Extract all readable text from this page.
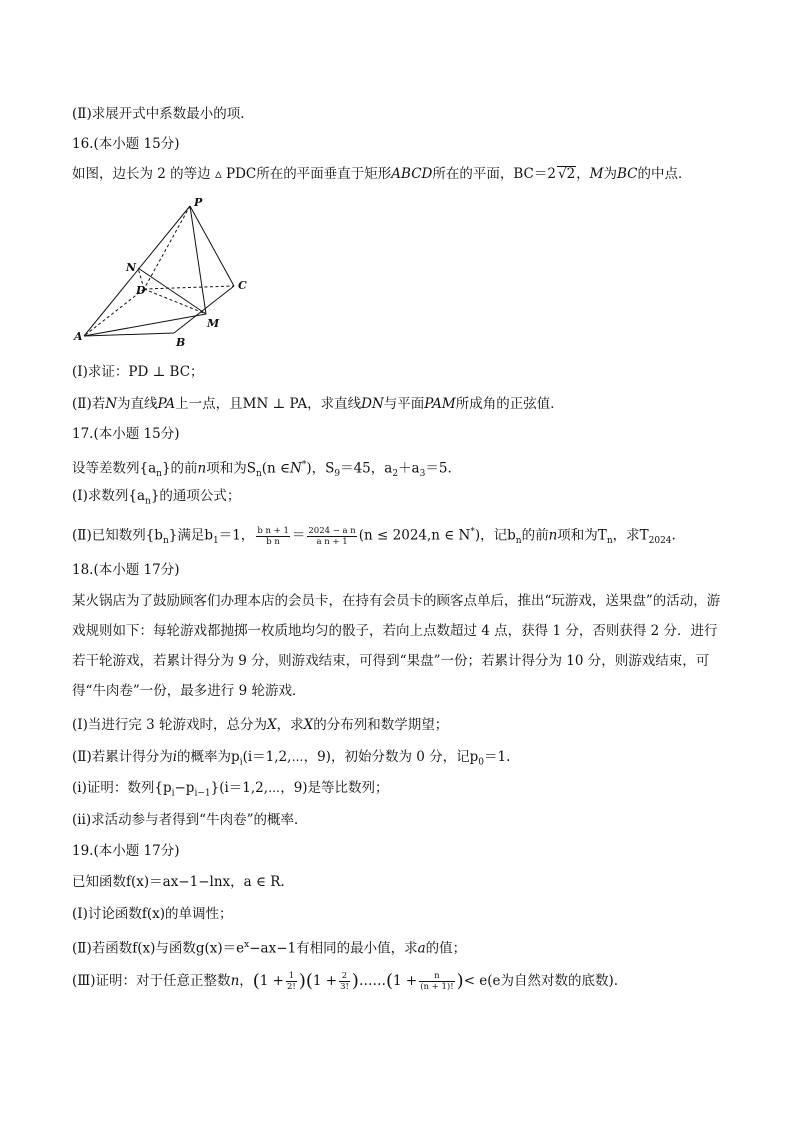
(Ⅱ)求展开式中系数最小的项．
16.(本小题 15分)
如图，边长为 2 的等边 ▵ PDC所在的平面垂直于矩形ABCD所在的平面，BC＝2 √2，M为BC的中点．
P
N
D	C
A
M
B
(Ⅰ)求证：PD ⊥ BC；
(Ⅱ)若N为直线PA上一点，且MN ⊥ PA，求直线DN与平面PAM所成角的正弦值．
17.(本小题 15分)
设等差数列$\{a_n\}$的前n项和为$S_n(n$ ∈N*)，$S_9=45$，$a_2+a_3=5$.
(Ⅰ)求数列$\{a_n\}$的通项公式；
(Ⅱ)已知数列$\{b_n\}$满足$b_1=1$， $\frac{\text{b n + 1}}{\text{b n}} = \frac{\text{2024 − a n}}{\text{a n + 1}} (n \le 2024,n$ ∈ N*)，记$b_n$的前n项和为$T_n$，求$T_{2024}$.
18.(本小题 17分)
某火锅店为了鼓励顾客们办理本店的会员卡，在持有会员卡的顾客点单后，推出“玩游戏，送果盘”的活动，游戏规则如下：每轮游戏都抛掷一枚质地均匀的骰子，若向上点数超过 4 点，获得 1 分，否则获得 2 分．进行若干轮游戏，若累计得分为 9 分，则游戏结束，可得到“果盘”一份；若累计得分为 10 分，则游戏结束，可得“牛肉卷”一份，最多进行 9 轮游戏．
(Ⅰ)当进行完 3 轮游戏时，总分为X，求X的分布列和数学期望；
(Ⅱ)若累计得分为i的概率为$p_i(i=1,2,\cdots$，9)，初始分数为 0 分，记$p_0=1$.
(ⅰ)证明：数列$\{p_i-p_{i-1}\}(i=1,2,\cdots$，9)是等比数列；
(ⅱ)求活动参与者得到“牛肉卷”的概率．
19.(本小题 17分)
已知函数f(x)＝ax−1−lnx，a ∈ R.
(Ⅰ)讨论函数f(x)的单调性；
(Ⅱ)若函数f(x)与函数$g(x)=e^x-ax-1$有相同的最小值，求a的值；
(Ⅲ)证明：对于任意正整数n，$(1 + \frac{1}{2!} )(1 + \frac{2}{3!}$ )……(1 + $\frac{n}{(n + 1)!}$ )< e(e为自然对数的底数).
